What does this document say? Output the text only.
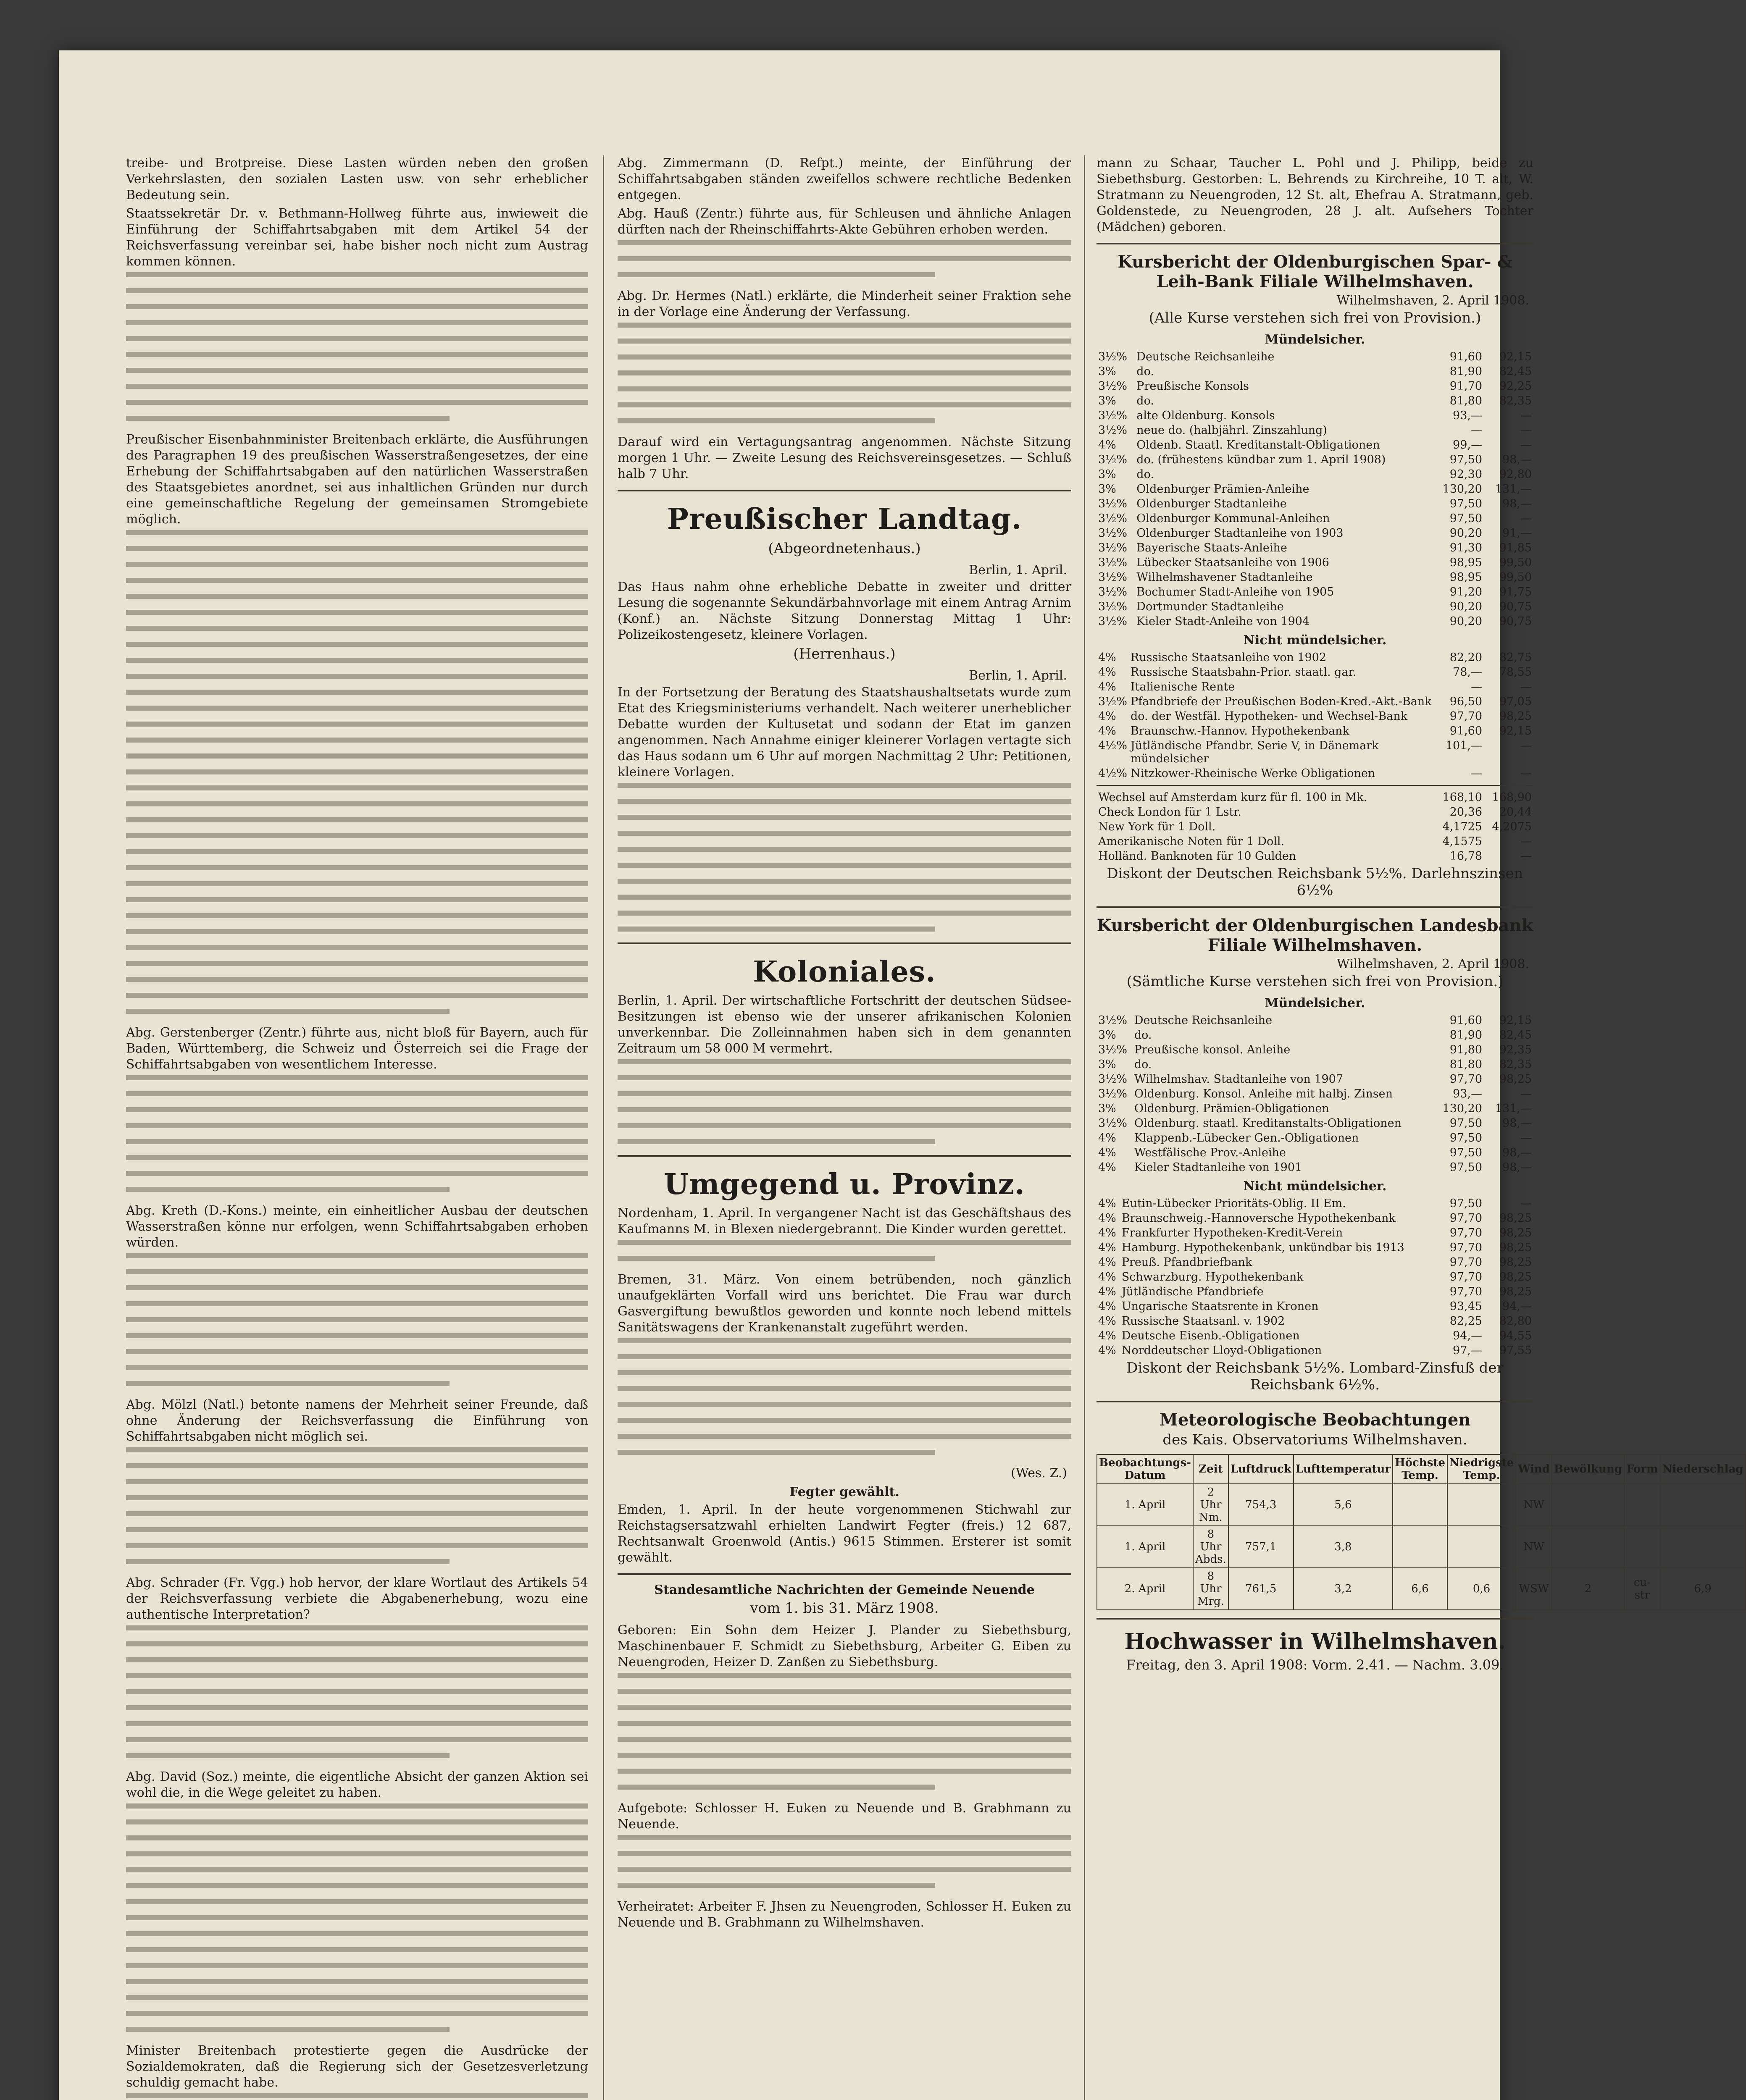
treibe- und Brotpreise. Diese Lasten würden neben den großen Verkehrslasten, den sozialen Lasten usw. von sehr erheblicher Bedeutung sein.

Staatssekretär Dr. v. Bethmann-Hollweg führte aus, inwieweit die Einführung der Schiffahrtsabgaben mit dem Artikel 54 der Reichsverfassung vereinbar sei, habe bisher noch nicht zum Austrag kommen können.

Preußischer Eisenbahnminister Breitenbach erklärte, die Ausführungen des Paragraphen 19 des preußischen Wasserstraßengesetzes, der eine Erhebung der Schiffahrtsabgaben auf den natürlichen Wasserstraßen des Staatsgebietes anordnet, sei aus inhaltlichen Gründen nur durch eine gemeinschaftliche Regelung der gemeinsamen Stromgebiete möglich.

Abg. Gerstenberger (Zentr.) führte aus, nicht bloß für Bayern, auch für Baden, Württemberg, die Schweiz und Österreich sei die Frage der Schiffahrtsabgaben von wesentlichem Interesse.

Abg. Kreth (D.-Kons.) meinte, ein einheitlicher Ausbau der deutschen Wasserstraßen könne nur erfolgen, wenn Schiffahrtsabgaben erhoben würden.

Abg. Mölzl (Natl.) betonte namens der Mehrheit seiner Freunde, daß ohne Änderung der Reichsverfassung die Einführung von Schiffahrtsabgaben nicht möglich sei.

Abg. Schrader (Fr. Vgg.) hob hervor, der klare Wortlaut des Artikels 54 der Reichsverfassung verbiete die Abgabenerhebung, wozu eine authentische Interpretation?

Abg. David (Soz.) meinte, die eigentliche Absicht der ganzen Aktion sei wohl die, in die Wege geleitet zu haben.

Minister Breitenbach protestierte gegen die Ausdrücke der Sozialdemokraten, daß die Regierung sich der Gesetzesverletzung schuldig gemacht habe.

Abg. Zimmermann (D. Refpt.) meinte, der Einführung der Schiffahrtsabgaben ständen zweifellos schwere rechtliche Bedenken entgegen.

Abg. Hauß (Zentr.) führte aus, für Schleusen und ähnliche Anlagen dürften nach der Rheinschiffahrts-Akte Gebühren erhoben werden.

Abg. Dr. Hermes (Natl.) erklärte, die Minderheit seiner Fraktion sehe in der Vorlage eine Änderung der Verfassung.

Darauf wird ein Vertagungsantrag angenommen. Nächste Sitzung morgen 1 Uhr. — Zweite Lesung des Reichsvereinsgesetzes. — Schluß halb 7 Uhr.

Preußischer Landtag.
(Abgeordnetenhaus.)
Berlin, 1. April.

Das Haus nahm ohne erhebliche Debatte in zweiter und dritter Lesung die sogenannte Sekundärbahnvorlage mit einem Antrag Arnim (Konf.) an. Nächste Sitzung Donnerstag Mittag 1 Uhr: Polizeikostengesetz, kleinere Vorlagen.

(Herrenhaus.)
Berlin, 1. April.

In der Fortsetzung der Beratung des Staatshaushaltsetats wurde zum Etat des Kriegsministeriums verhandelt. Nach weiterer unerheblicher Debatte wurden der Kultusetat und sodann der Etat im ganzen angenommen. Nach Annahme einiger kleinerer Vorlagen vertagte sich das Haus sodann um 6 Uhr auf morgen Nachmittag 2 Uhr: Petitionen, kleinere Vorlagen.

Koloniales.

Berlin, 1. April. Der wirtschaftliche Fortschritt der deutschen Südsee-Besitzungen ist ebenso wie der unserer afrikanischen Kolonien unverkennbar. Die Zolleinnahmen haben sich in dem genannten Zeitraum um 58 000 M vermehrt.

Umgegend u. Provinz.

Nordenham, 1. April. In vergangener Nacht ist das Geschäftshaus des Kaufmanns M. in Blexen niedergebrannt. Die Kinder wurden gerettet.

Bremen, 31. März. Von einem betrübenden, noch gänzlich unaufgeklärten Vorfall wird uns berichtet. Die Frau war durch Gasvergiftung bewußtlos geworden und konnte noch lebend mittels Sanitätswagens der Krankenanstalt zugeführt werden.

(Wes. Z.)
Fegter gewählt.

Emden, 1. April. In der heute vorgenommenen Stichwahl zur Reichstagsersatzwahl erhielten Landwirt Fegter (freis.) 12 687, Rechtsanwalt Groenwold (Antis.) 9615 Stimmen. Ersterer ist somit gewählt.

Standesamtliche Nachrichten der Gemeinde Neuende
vom 1. bis 31. März 1908.

Geboren: Ein Sohn dem Heizer J. Plander zu Siebethsburg, Maschinenbauer F. Schmidt zu Siebethsburg, Arbeiter G. Eiben zu Neuengroden, Heizer D. Zanßen zu Siebethsburg.

Aufgebote: Schlosser H. Euken zu Neuende und B. Grabhmann zu Neuende.

Verheiratet: Arbeiter F. Jhsen zu Neuengroden, Schlosser H. Euken zu Neuende und B. Grabhmann zu Wilhelmshaven.

mann zu Schaar, Taucher L. Pohl und J. Philipp, beide zu Siebethsburg. Gestorben: L. Behrends zu Kirchreihe, 10 T. alt, W. Stratmann zu Neuengroden, 12 St. alt, Ehefrau A. Stratmann, geb. Goldenstede, zu Neuengroden, 28 J. alt. Aufsehers Tochter (Mädchen) geboren.

Kursbericht der Oldenburgischen Spar- & Leih-Bank Filiale Wilhelmshaven.
Wilhelmshaven, 2. April 1908.
(Alle Kurse verstehen sich frei von Provision.)
Mündelsicher.
3½%	Deutsche Reichsanleihe	91,60	92,15
3%	do.	81,90	82,45
3½%	Preußische Konsols	91,70	92,25
3%	do.	81,80	82,35
3½%	alte Oldenburg. Konsols	93,—	—
3½%	neue do. (halbjährl. Zinszahlung)	—	—
4%	Oldenb. Staatl. Kreditanstalt-Obligationen	99,—	—
3½%	do. (frühestens kündbar zum 1. April 1908)	97,50	98,—
3%	do.	92,30	92,80
3%	Oldenburger Prämien-Anleihe	130,20	131,—
3½%	Oldenburger Stadtanleihe	97,50	98,—
3½%	Oldenburger Kommunal-Anleihen	97,50	—
3½%	Oldenburger Stadtanleihe von 1903	90,20	91,—
3½%	Bayerische Staats-Anleihe	91,30	91,85
3½%	Lübecker Staatsanleihe von 1906	98,95	99,50
3½%	Wilhelmshavener Stadtanleihe	98,95	99,50
3½%	Bochumer Stadt-Anleihe von 1905	91,20	91,75
3½%	Dortmunder Stadtanleihe	90,20	90,75
3½%	Kieler Stadt-Anleihe von 1904	90,20	90,75
Nicht mündelsicher.
4%	Russische Staatsanleihe von 1902	82,20	82,75
4%	Russische Staatsbahn-Prior. staatl. gar.	78,—	78,55
4%	Italienische Rente	—	—
3½%	Pfandbriefe der Preußischen Boden-Kred.-Akt.-Bank	96,50	97,05
4%	do. der Westfäl. Hypotheken- und Wechsel-Bank	97,70	98,25
4%	Braunschw.-Hannov. Hypothekenbank	91,60	92,15
4½%	Jütländische Pfandbr. Serie V, in Dänemark mündelsicher	101,—	—
4½%	Nitzkower-Rheinische Werke Obligationen	—	—
Wechsel auf Amsterdam kurz für fl. 100 in Mk.	168,10	168,90
Check London für 1 Lstr.	20,36	20,44
New York für 1 Doll.	4,1725	4,2075
Amerikanische Noten für 1 Doll.	4,1575	—
Holländ. Banknoten für 10 Gulden	16,78	—
Diskont der Deutschen Reichsbank 5½%. Darlehnszinsen 6½%
Kursbericht der Oldenburgischen Landesbank Filiale Wilhelmshaven.
Wilhelmshaven, 2. April 1908.
(Sämtliche Kurse verstehen sich frei von Provision.)
Mündelsicher.
3½%	Deutsche Reichsanleihe	91,60	92,15
3%	do.	81,90	82,45
3½%	Preußische konsol. Anleihe	91,80	92,35
3%	do.	81,80	82,35
3½%	Wilhelmshav. Stadtanleihe von 1907	97,70	98,25
3½%	Oldenburg. Konsol. Anleihe mit halbj. Zinsen	93,—	—
3%	Oldenburg. Prämien-Obligationen	130,20	131,—
3½%	Oldenburg. staatl. Kreditanstalts-Obligationen	97,50	98,—
4%	Klappenb.-Lübecker Gen.-Obligationen	97,50	—
4%	Westfälische Prov.-Anleihe	97,50	98,—
4%	Kieler Stadtanleihe von 1901	97,50	98,—
Nicht mündelsicher.
4%	Eutin-Lübecker Prioritäts-Oblig. II Em.	97,50	—
4%	Braunschweig.-Hannoversche Hypothekenbank	97,70	98,25
4%	Frankfurter Hypotheken-Kredit-Verein	97,70	98,25
4%	Hamburg. Hypothekenbank, unkündbar bis 1913	97,70	98,25
4%	Preuß. Pfandbriefbank	97,70	98,25
4%	Schwarzburg. Hypothekenbank	97,70	98,25
4%	Jütländische Pfandbriefe	97,70	98,25
4%	Ungarische Staatsrente in Kronen	93,45	94,—
4%	Russische Staatsanl. v. 1902	82,25	82,80
4%	Deutsche Eisenb.-Obligationen	94,—	94,55
4%	Norddeutscher Lloyd-Obligationen	97,—	97,55
Diskont der Reichsbank 5½%. Lombard-Zinsfuß der Reichsbank 6½%.
Meteorologische Beobachtungen
des Kais. Observatoriums Wilhelmshaven.
Beobachtungs-Datum	Zeit	Luftdruck	Lufttemperatur	Höchste Temp.	Niedrigste Temp.	Wind	Bewölkung	Form	Niederschlag
1. April	2 Uhr Nm.	754,3	5,6			NW			
1. April	8 Uhr Abds.	757,1	3,8			NW			
2. April	8 Uhr Mrg.	761,5	3,2	6,6	0,6	WSW	2	cu-str	6,9
Hochwasser in Wilhelmshaven.
Freitag, den 3. April 1908: Vorm. 2.41. — Nachm. 3.09.
